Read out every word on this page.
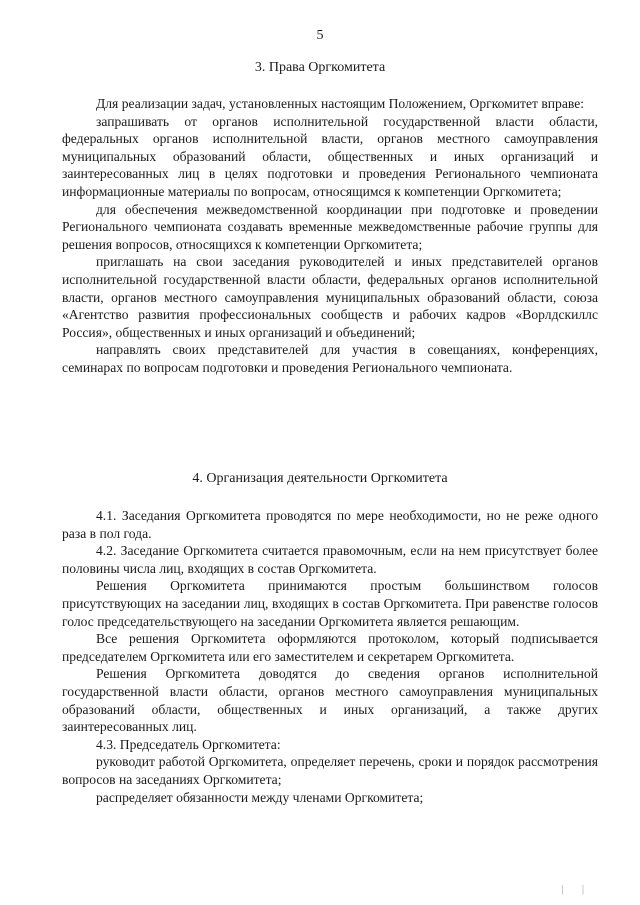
5
3. Права Оргкомитета

Для реализации задач, установленных настоящим Положением, Оргкомитет вправе:

запрашивать от органов исполнительной государственной власти области, федеральных органов исполнительной власти, органов местного самоуправления муниципальных образований области, общественных и иных организаций и заинтересованных лиц в целях подготовки и проведения Регионального чемпионата информационные материалы по вопросам, относящимся к компетенции Оргкомитета;

для обеспечения межведомственной координации при подготовке и проведении Регионального чемпионата создавать временные межведомственные рабочие группы для решения вопросов, относящихся к компетенции Оргкомитета;

приглашать на свои заседания руководителей и иных представителей органов исполнительной государственной власти области, федеральных органов исполнительной власти, органов местного самоуправления муниципальных образований области, союза «Агентство развития профессиональных сообществ и рабочих кадров «Ворлдскиллс Россия», общественных и иных организаций и объединений;

направлять своих представителей для участия в совещаниях, конференциях, семинарах по вопросам подготовки и проведения Регионального чемпионата.

4. Организация деятельности Оргкомитета

4.1. Заседания Оргкомитета проводятся по мере необходимости, но не реже одного раза в пол года.

4.2. Заседание Оргкомитета считается правомочным, если на нем присутствует более половины числа лиц, входящих в состав Оргкомитета.

Решения Оргкомитета принимаются простым большинством голосов присутствующих на заседании лиц, входящих в состав Оргкомитета. При равенстве голосов голос председательствующего на заседании Оргкомитета является решающим.

Все решения Оргкомитета оформляются протоколом, который подписывается председателем Оргкомитета или его заместителем и секретарем Оргкомитета.

Решения Оргкомитета доводятся до сведения органов исполнительной государственной власти области, органов местного самоуправления муниципальных образований области, общественных и иных организаций, а также других заинтересованных лиц.

4.3. Председатель Оргкомитета:

руководит работой Оргкомитета, определяет перечень, сроки и порядок рассмотрения вопросов на заседаниях Оргкомитета;

распределяет обязанности между членами Оргкомитета;

| |
